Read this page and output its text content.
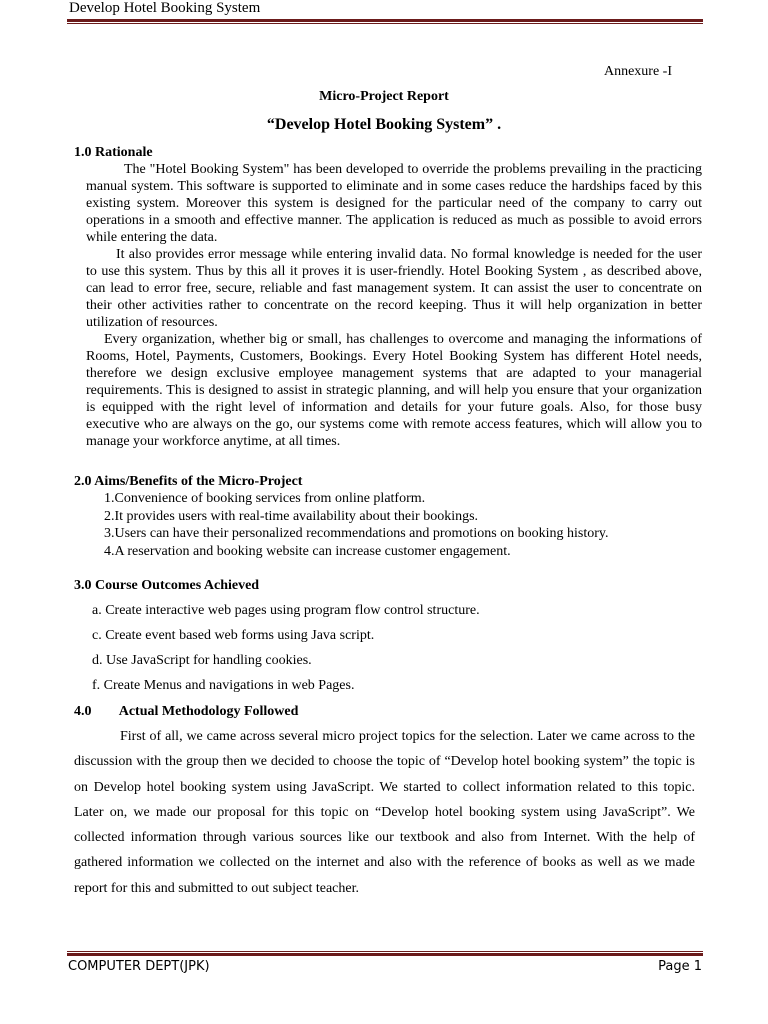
Develop Hotel Booking System
Annexure -I
Micro-Project Report
“Develop Hotel Booking System” .
1.0 Rationale

The "Hotel Booking System" has been developed to override the problems prevailing in the practicing manual system. This software is supported to eliminate and in some cases reduce the hardships faced by this existing system. Moreover this system is designed for the particular need of the company to carry out operations in a smooth and effective manner. The application is reduced as much as possible to avoid errors while entering the data.

It also provides error message while entering invalid data. No formal knowledge is needed for the user to use this system. Thus by this all it proves it is user-friendly. Hotel Booking System , as described above, can lead to error free, secure, reliable and fast management system. It can assist the user to concentrate on their other activities rather to concentrate on the record keeping. Thus it will help organization in better utilization of resources.

Every organization, whether big or small, has challenges to overcome and managing the informations of Rooms, Hotel, Payments, Customers, Bookings. Every Hotel Booking System has different Hotel needs, therefore we design exclusive employee management systems that are adapted to your managerial requirements. This is designed to assist in strategic planning, and will help you ensure that your organization is equipped with the right level of information and details for your future goals. Also, for those busy executive who are always on the go, our systems come with remote access features, which will allow you to manage your workforce anytime, at all times.

2.0 Aims/Benefits of the Micro-Project
1.Convenience of booking services from online platform.
2.It provides users with real-time availability about their bookings.
3.Users can have their personalized recommendations and promotions on booking history.
4.A reservation and booking website can increase customer engagement.
3.0 Course Outcomes Achieved
a. Create interactive web pages using program flow control structure.
c. Create event based web forms using Java script.
d. Use JavaScript for handling cookies.
f. Create Menus and navigations in web Pages.
4.0        Actual Methodology Followed

First of all, we came across several micro project topics for the selection. Later we came across to the discussion with the group then we decided to choose the topic of “Develop hotel booking system” the topic is on Develop hotel booking system using JavaScript. We started to collect information related to this topic. Later on, we made our proposal for this topic on “Develop hotel booking system using JavaScript”. We collected information through various sources like our textbook and also from Internet. With the help of gathered information we collected on the internet and also with the reference of books as well as we made report for this and submitted to out subject teacher.

COMPUTER DEPT(JPK)	Page 1
